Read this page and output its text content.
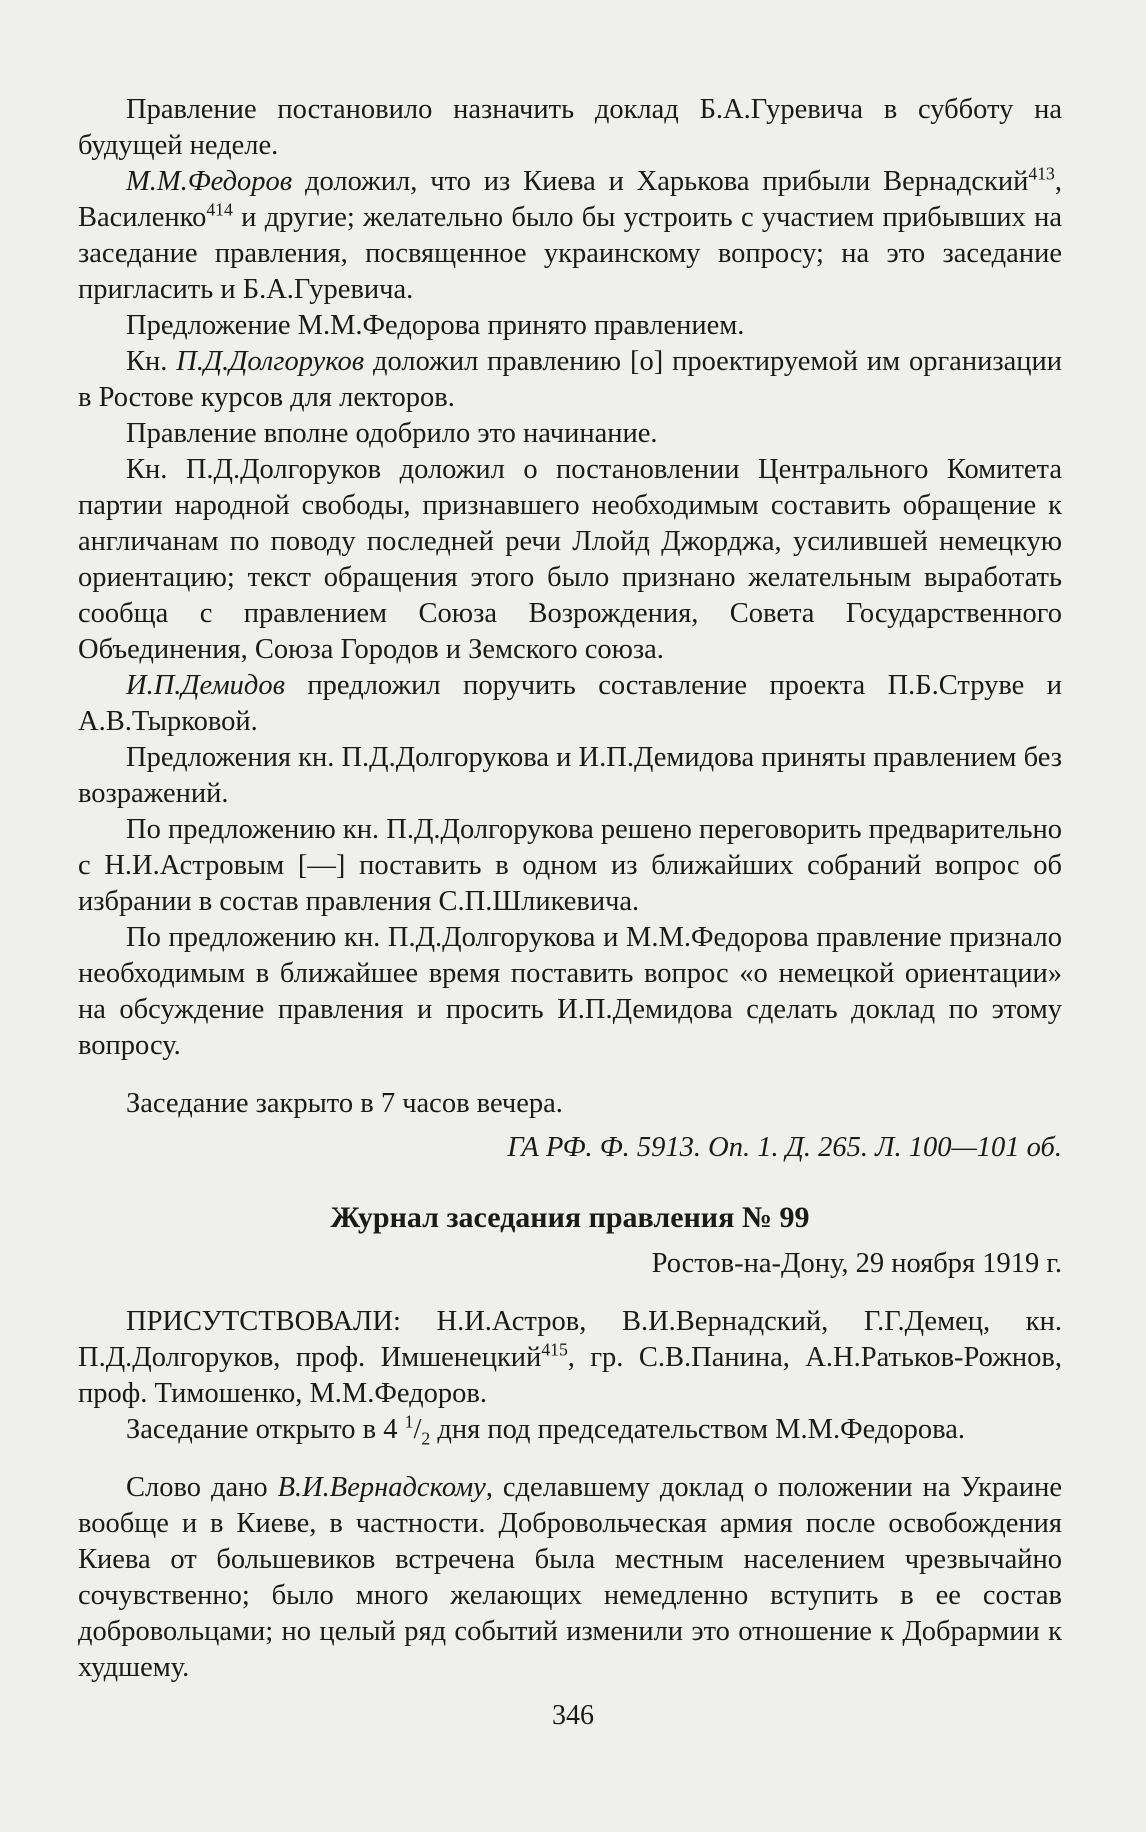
Правление постановило назначить доклад Б.А.Гуревича в субботу на будущей неделе.

М.М.Федоров доложил, что из Киева и Харькова прибыли Вернадский$^{413}$, Василенко$^{414}$ и другие; желательно было бы устроить с участием прибывших на заседание правления, посвященное украинскому вопросу; на это заседание пригласить и Б.А.Гуревича.

Предложение М.М.Федорова принято правлением.

Кн. П.Д.Долгоруков доложил правлению [о] проектируемой им организации в Ростове курсов для лекторов.

Правление вполне одобрило это начинание.

Кн. П.Д.Долгоруков доложил о постановлении Центрального Комитета партии народной свободы, признавшего необходимым составить обращение к англичанам по поводу последней речи Ллойд Джорджа, усилившей немецкую ориентацию; текст обращения этого было признано желательным выработать сообща с правлением Союза Возрождения, Совета Государственного Объединения, Союза Городов и Земского союза.

И.П.Демидов предложил поручить составление проекта П.Б.Струве и А.В.Тырковой.

Предложения кн. П.Д.Долгорукова и И.П.Демидова приняты правлением без возражений.

По предложению кн. П.Д.Долгорукова решено переговорить предварительно с Н.И.Астровым [—] поставить в одном из ближайших собраний вопрос об избрании в состав правления С.П.Шликевича.

По предложению кн. П.Д.Долгорукова и М.М.Федорова правление признало необходимым в ближайшее время поставить вопрос «о немецкой ориентации» на обсуждение правления и просить И.П.Демидова сделать доклад по этому вопросу.

Заседание закрыто в 7 часов вечера.

ГА РФ. Ф. 5913. Оп. 1. Д. 265. Л. 100—101 об.

Журнал заседания правления № 99

Ростов-на-Дону, 29 ноября 1919 г.

ПРИСУТСТВОВАЛИ: Н.И.Астров, В.И.Вернадский, Г.Г.Демец, кн. П.Д.Долгоруков, проф. Имшенецкий$^{415}$, гр. С.В.Панина, А.Н.Ратьков-Рожнов, проф. Тимошенко, М.М.Федоров.

Заседание открыто в 4 $^1/_2$ дня под председательством М.М.Федорова.

Слово дано В.И.Вернадскому, сделавшему доклад о положении на Украине вообще и в Киеве, в частности. Добровольческая армия после освобождения Киева от большевиков встречена была местным населением чрезвычайно сочувственно; было много желающих немедленно вступить в ее состав добровольцами; но целый ряд событий изменили это отношение к Добрармии к худшему.

346
